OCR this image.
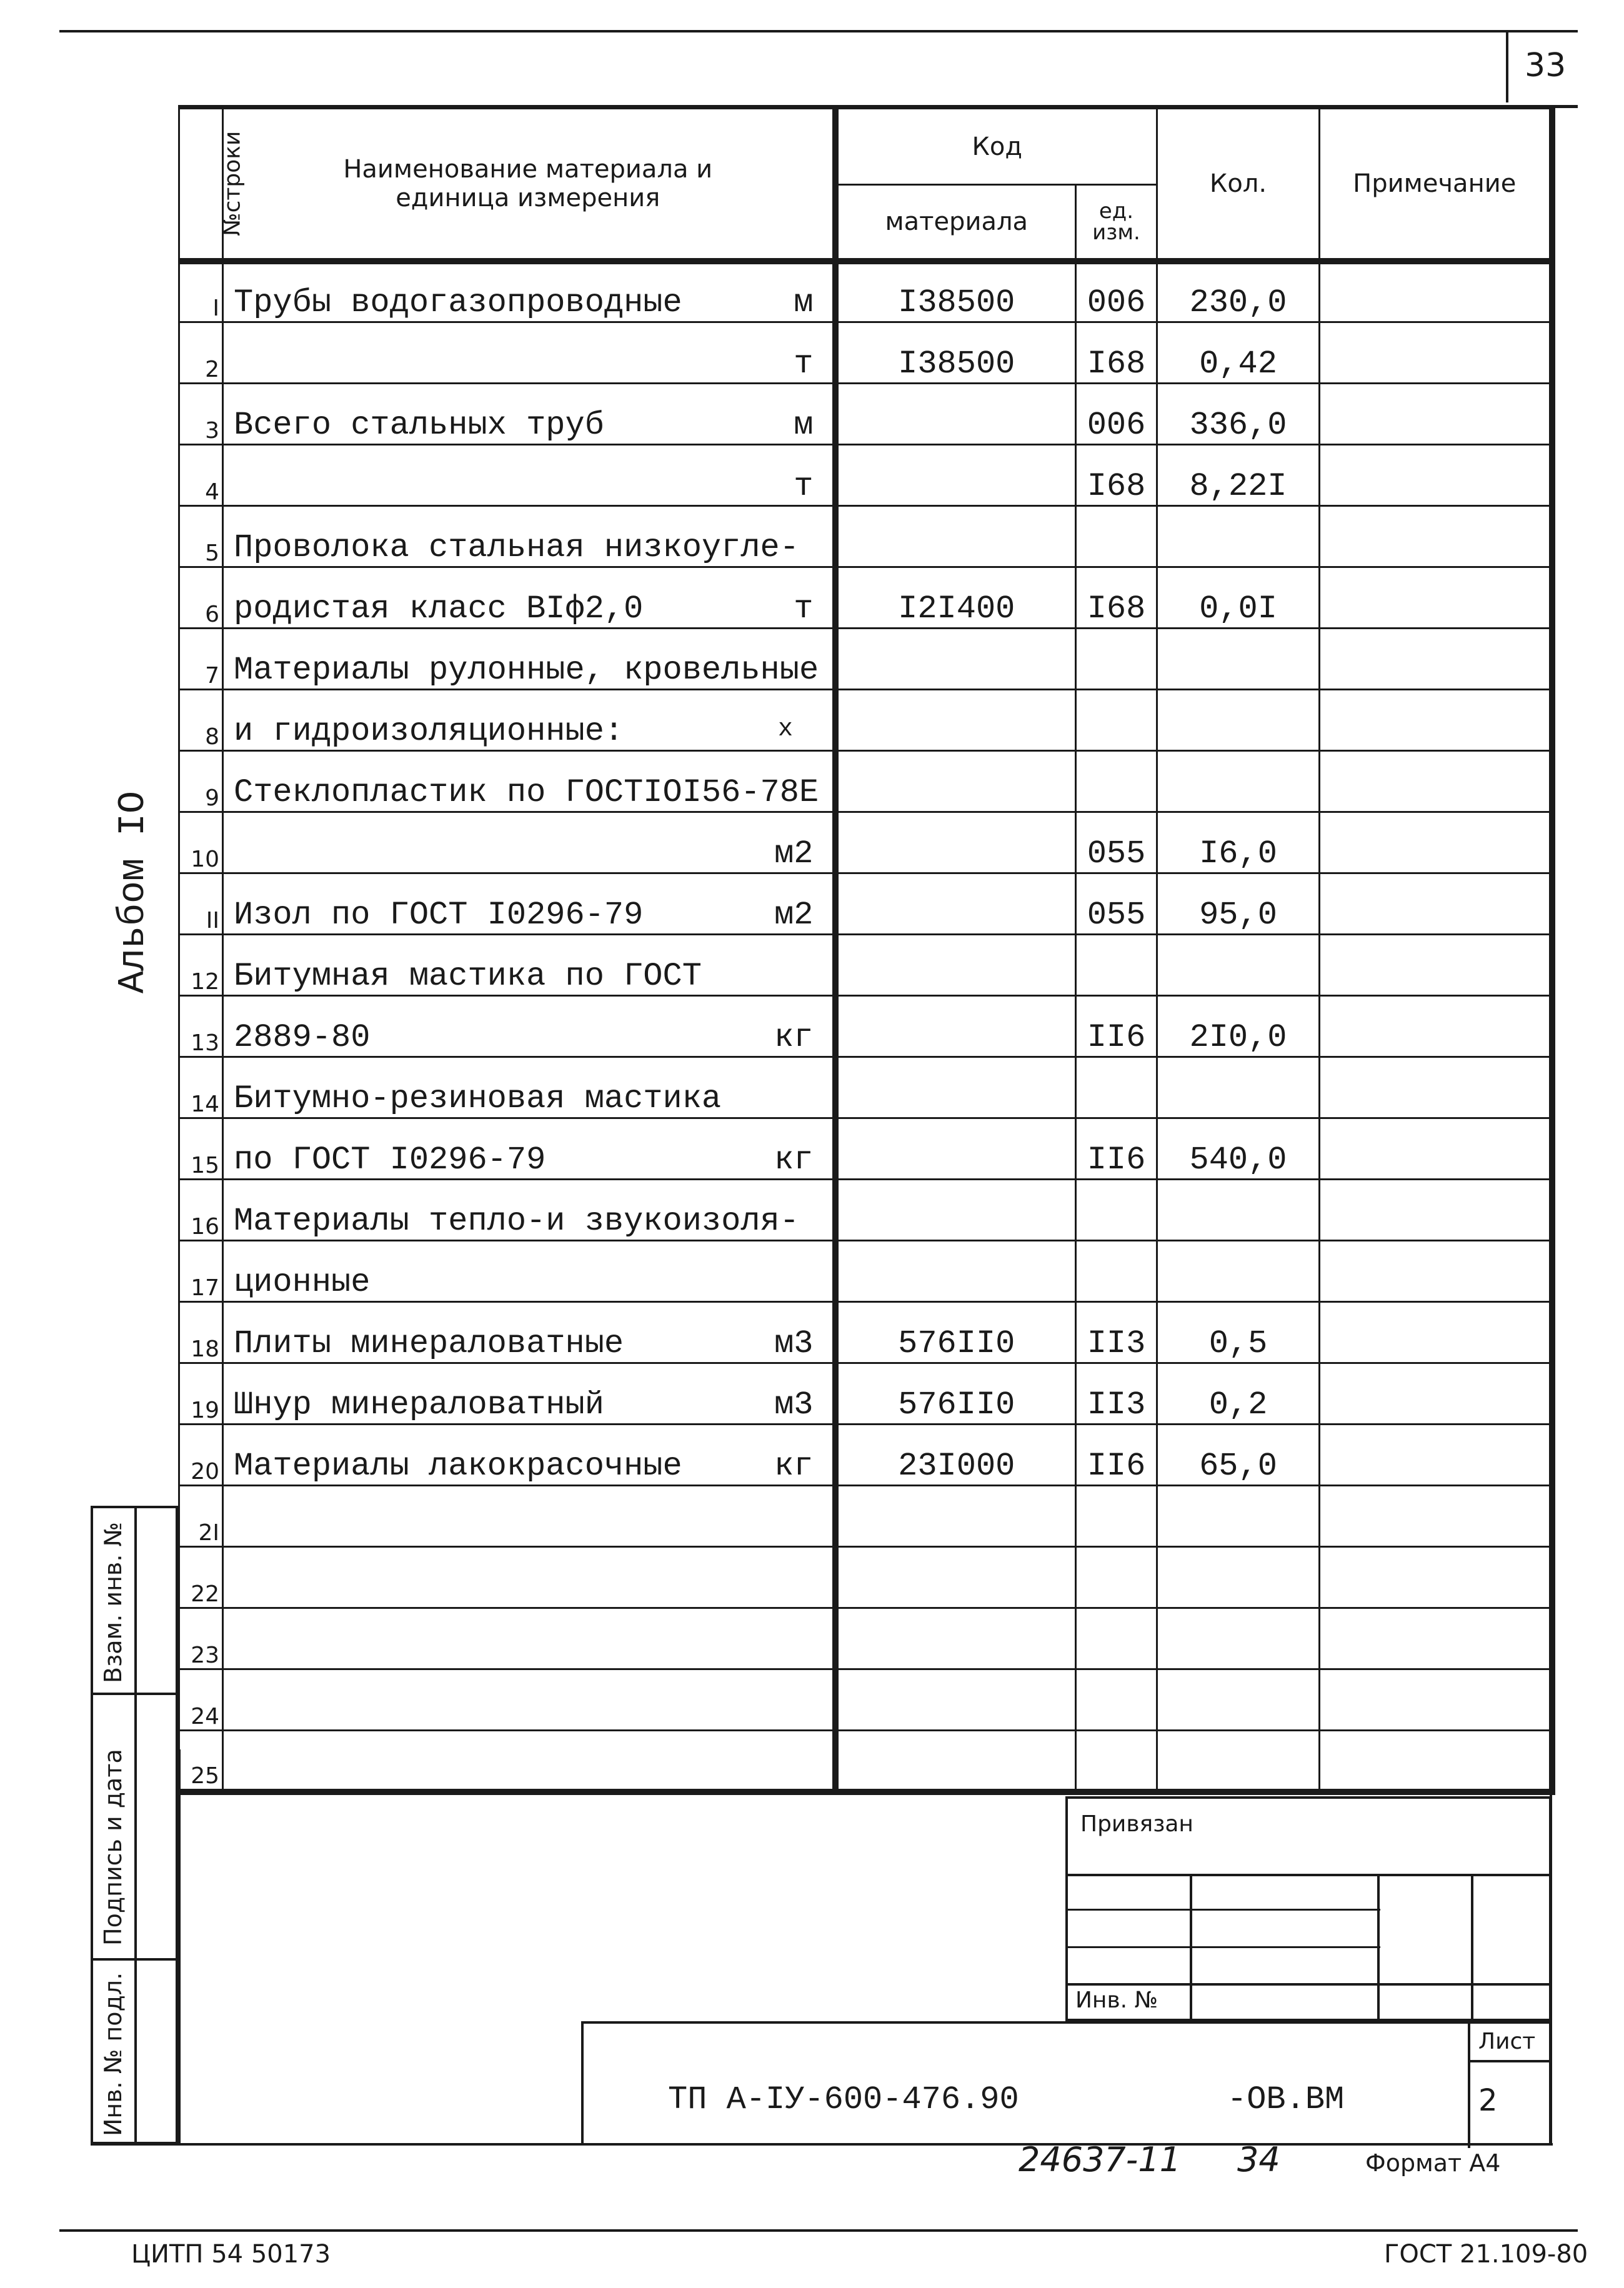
33
Альбом IO
№строки	Наименование материала и единица измерения		Код		Кол.	Примечание
			материала	ед. изм.		
I	Трубы водогазопроводные	м	I38500	006	230,0	
2		т	I38500	I68	0,42	
3	Всего стальных труб	м		006	336,0	
4		т		I68	8,22I	
5	Проволока стальная низкоугле-					
6	родистая класс ВIф2,0	т	I2I400	I68	0,0I	
7	Материалы рулонные, кровельные					
8	и гидроизоляционные:					
9	Стеклопластик по ГОСТIOI56-78Е					
10		м2		055	I6,0	
II	Изол по ГОСТ I0296-79	м2		055	95,0	
12	Битумная мастика по ГОСТ					
13	2889-80	кг		II6	2I0,0	
14	Битумно-резиновая мастика					
15	по ГОСТ I0296-79	кг		II6	540,0	
16	Материалы тепло-и звукоизоля-					
17	ционные					
18	Плиты минераловатные	м3	576II0	II3	0,5	
19	Шнур минераловатный	м3	576II0	II3	0,2	
20	Материалы лакокрасочные	кг	23I000	II6	65,0	
2I						
22						
23						
24						
25						
х
Взам. инв. №
Подпись и дата
Инв. № подл.
Привязан
Инв. №
Лист
2
ТП А-IУ-600-476.90	-ОВ.ВМ
24637-11 34	Формат А4
ЦИТП 54 50173	ГОСТ 21.109-80
